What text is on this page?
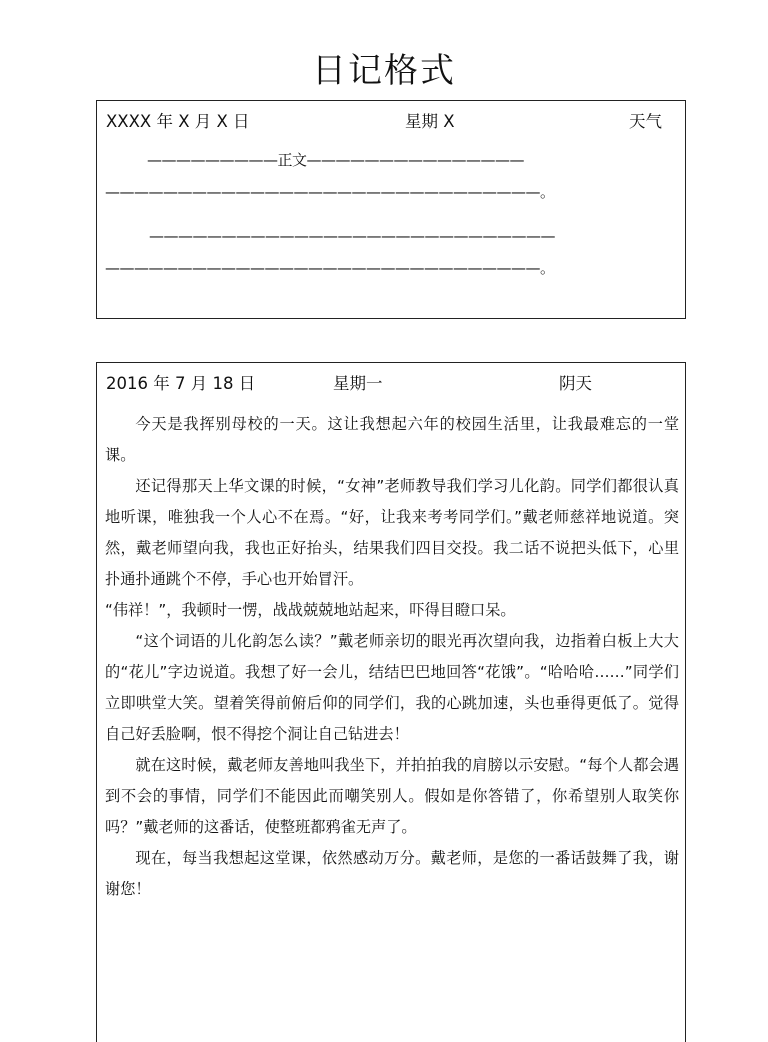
日记格式
XXXX 年 X 月 X 日	星期 X	天气
—————————正文———————————————
——————————————————————————————。
————————————————————————————
——————————————————————————————。
2016 年 7 月 18 日	星期一	阴天

今天是我挥别母校的一天。这让我想起六年的校园生活里，让我最难忘的一堂课。

还记得那天上华文课的时候，“女神”老师教导我们学习儿化韵。同学们都很认真地听课，唯独我一个人心不在焉。“好，让我来考考同学们。”戴老师慈祥地说道。突然，戴老师望向我，我也正好抬头，结果我们四目交投。我二话不说把头低下，心里扑通扑通跳个不停，手心也开始冒汗。

“伟祥！”，我顿时一愣，战战兢兢地站起来，吓得目瞪口呆。

“这个词语的儿化韵怎么读？”戴老师亲切的眼光再次望向我，边指着白板上大大的“花儿”字边说道。我想了好一会儿，结结巴巴地回答“花饿”。“哈哈哈……”同学们立即哄堂大笑。望着笑得前俯后仰的同学们，我的心跳加速，头也垂得更低了。觉得自己好丢脸啊，恨不得挖个洞让自己钻进去！

就在这时候，戴老师友善地叫我坐下，并拍拍我的肩膀以示安慰。“每个人都会遇到不会的事情，同学们不能因此而嘲笑别人。假如是你答错了，你希望别人取笑你吗？”戴老师的这番话，使整班都鸦雀无声了。

现在，每当我想起这堂课，依然感动万分。戴老师，是您的一番话鼓舞了我，谢谢您！
